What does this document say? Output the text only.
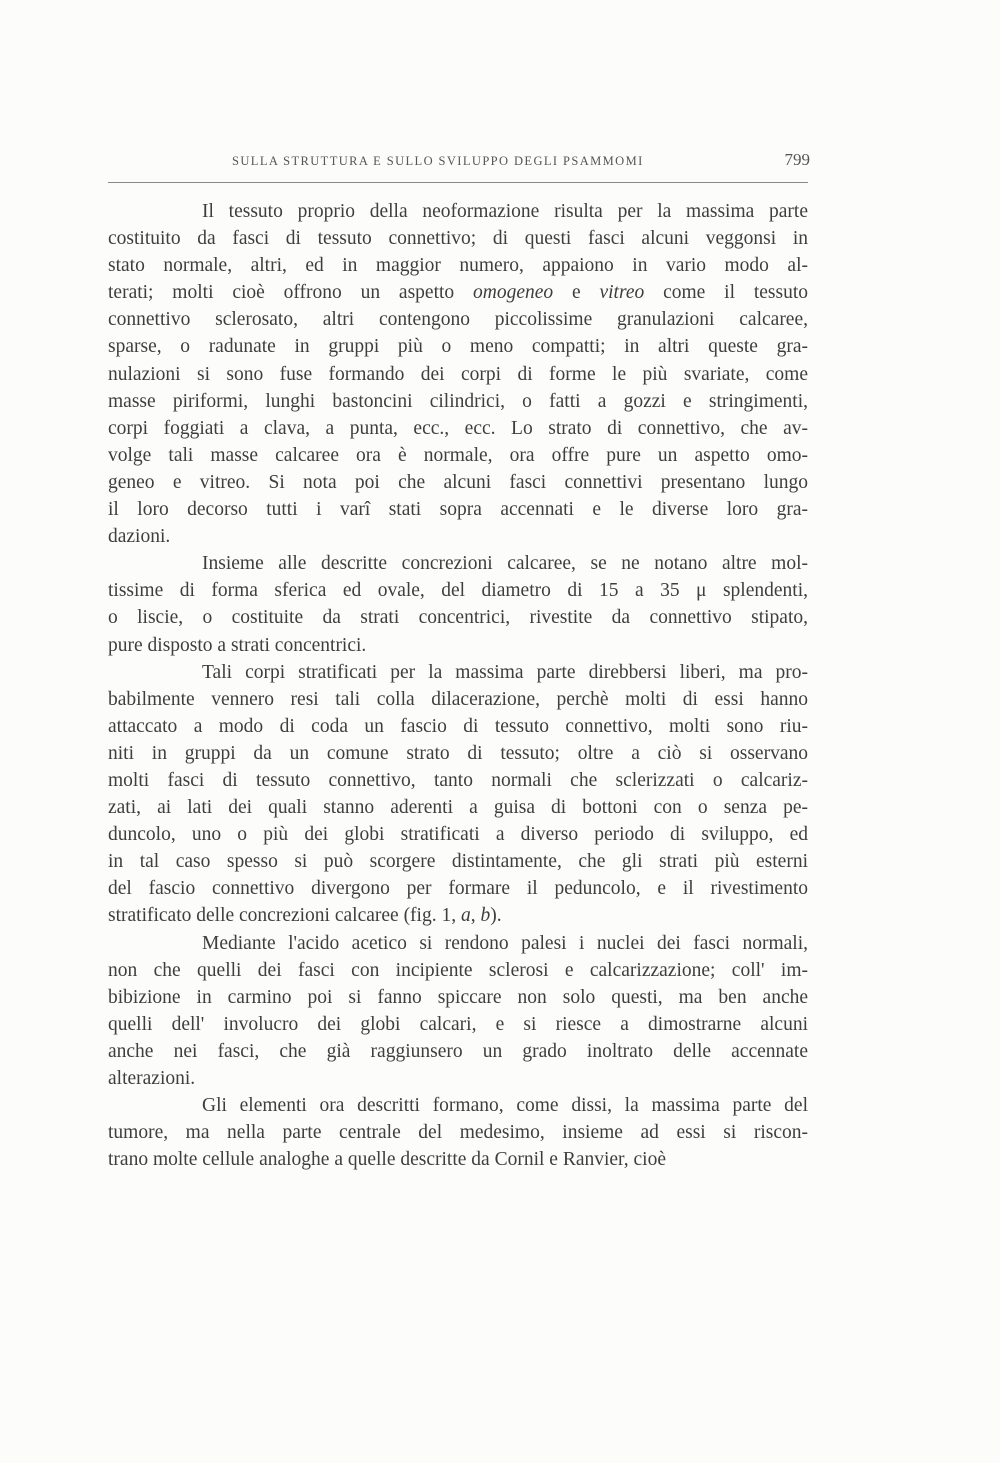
SULLA STRUTTURA E SULLO SVILUPPO DEGLI PSAMMOMI	799
Il tessuto proprio della neoformazione risulta per la massima parte
costituito da fasci di tessuto connettivo; di questi fasci alcuni veggonsi in
stato normale, altri, ed in maggior numero, appaiono in vario modo al-
terati; molti cioè offrono un aspetto omogeneo e vitreo come il tessuto
connettivo sclerosato, altri contengono piccolissime granulazioni calcaree,
sparse, o radunate in gruppi più o meno compatti; in altri queste gra-
nulazioni si sono fuse formando dei corpi di forme le più svariate, come
masse piriformi, lunghi bastoncini cilindrici, o fatti a gozzi e stringimenti,
corpi foggiati a clava, a punta, ecc., ecc. Lo strato di connettivo, che av-
volge tali masse calcaree ora è normale, ora offre pure un aspetto omo-
geneo e vitreo. Si nota poi che alcuni fasci connettivi presentano lungo
il loro decorso tutti i varî stati sopra accennati e le diverse loro gra-
dazioni.
Insieme alle descritte concrezioni calcaree, se ne notano altre mol-
tissime di forma sferica ed ovale, del diametro di 15 a 35 μ splendenti,
o liscie, o costituite da strati concentrici, rivestite da connettivo stipato,
pure disposto a strati concentrici.
Tali corpi stratificati per la massima parte direbbersi liberi, ma pro-
babilmente vennero resi tali colla dilacerazione, perchè molti di essi hanno
attaccato a modo di coda un fascio di tessuto connettivo, molti sono riu-
niti in gruppi da un comune strato di tessuto; oltre a ciò si osservano
molti fasci di tessuto connettivo, tanto normali che sclerizzati o calcariz-
zati, ai lati dei quali stanno aderenti a guisa di bottoni con o senza pe-
duncolo, uno o più dei globi stratificati a diverso periodo di sviluppo, ed
in tal caso spesso si può scorgere distintamente, che gli strati più esterni
del fascio connettivo divergono per formare il peduncolo, e il rivestimento
stratificato delle concrezioni calcaree (fig. 1, a, b).
Mediante l'acido acetico si rendono palesi i nuclei dei fasci normali,
non che quelli dei fasci con incipiente sclerosi e calcarizzazione; coll' im-
bibizione in carmino poi si fanno spiccare non solo questi, ma ben anche
quelli dell' involucro dei globi calcari, e si riesce a dimostrarne alcuni
anche nei fasci, che già raggiunsero un grado inoltrato delle accennate
alterazioni.
Gli elementi ora descritti formano, come dissi, la massima parte del
tumore, ma nella parte centrale del medesimo, insieme ad essi si riscon-
trano molte cellule analoghe a quelle descritte da Cornil e Ranvier, cioè
